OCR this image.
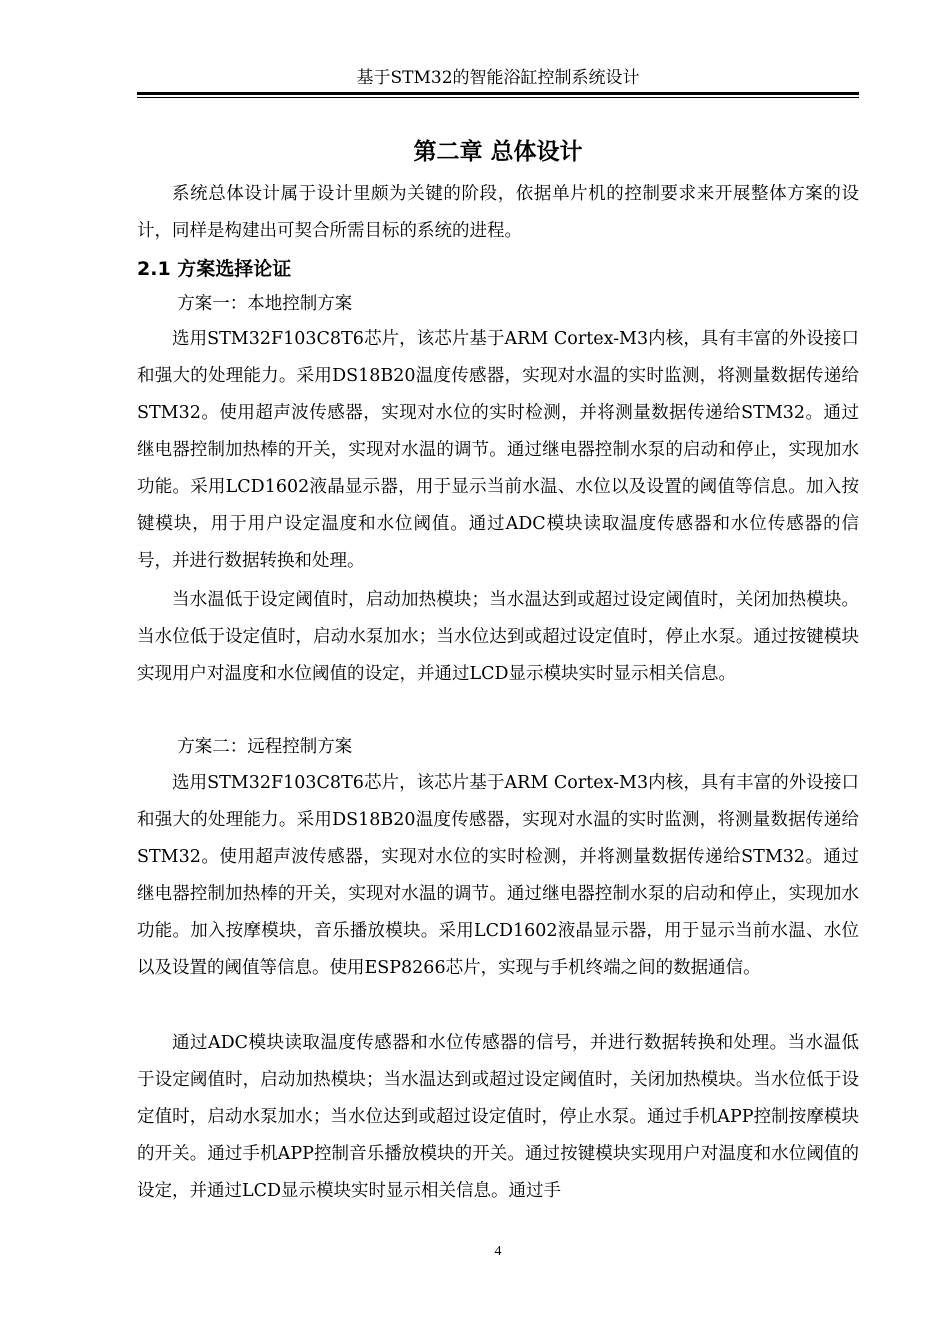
基于STM32的智能浴缸控制系统设计
第二章 总体设计
系统总体设计属于设计里颇为关键的阶段，依据单片机的控制要求来开展整体方案的设计，同样是构建出可契合所需目标的系统的进程。
2.1 方案选择论证
方案一：本地控制方案
选用STM32F103C8T6芯片，该芯片基于ARM Cortex-M3内核，具有丰富的外设接口和强大的处理能力。采用DS18B20温度传感器，实现对水温的实时监测，将测量数据传递给STM32。使用超声波传感器，实现对水位的实时检测，并将测量数据传递给STM32。通过继电器控制加热棒的开关，实现对水温的调节。通过继电器控制水泵的启动和停止，实现加水功能。采用LCD1602液晶显示器，用于显示当前水温、水位以及设置的阈值等信息。加入按键模块，用于用户设定温度和水位阈值。通过ADC模块读取温度传感器和水位传感器的信号，并进行数据转换和处理。
当水温低于设定阈值时，启动加热模块；当水温达到或超过设定阈值时，关闭加热模块。当水位低于设定值时，启动水泵加水；当水位达到或超过设定值时，停止水泵。通过按键模块实现用户对温度和水位阈值的设定，并通过LCD显示模块实时显示相关信息。
方案二：远程控制方案
选用STM32F103C8T6芯片，该芯片基于ARM Cortex-M3内核，具有丰富的外设接口和强大的处理能力。采用DS18B20温度传感器，实现对水温的实时监测，将测量数据传递给STM32。使用超声波传感器，实现对水位的实时检测，并将测量数据传递给STM32。通过继电器控制加热棒的开关，实现对水温的调节。通过继电器控制水泵的启动和停止，实现加水功能。加入按摩模块，音乐播放模块。采用LCD1602液晶显示器，用于显示当前水温、水位以及设置的阈值等信息。使用ESP8266芯片，实现与手机终端之间的数据通信。
通过ADC模块读取温度传感器和水位传感器的信号，并进行数据转换和处理。当水温低于设定阈值时，启动加热模块；当水温达到或超过设定阈值时，关闭加热模块。当水位低于设定值时，启动水泵加水；当水位达到或超过设定值时，停止水泵。通过手机APP控制按摩模块的开关。通过手机APP控制音乐播放模块的开关。通过按键模块实现用户对温度和水位阈值的设定，并通过LCD显示模块实时显示相关信息。通过手
4
